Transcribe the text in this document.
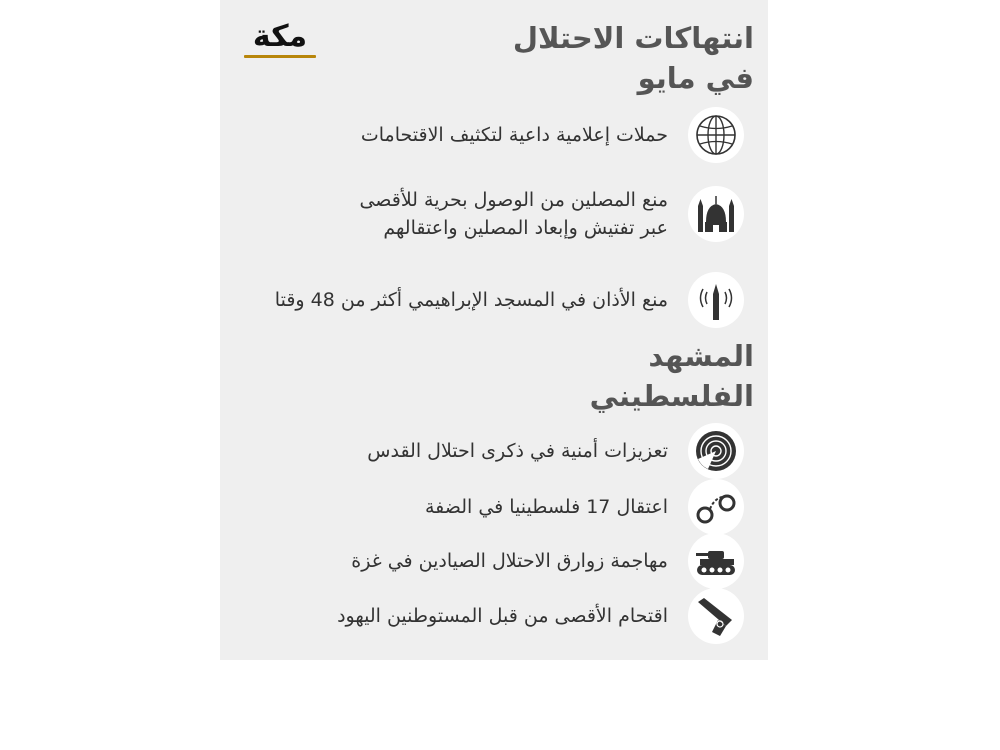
مكة	انتهاكات الاحتلال
في مايو
حملات إعلامية داعية لتكثيف الاقتحامات
منع المصلين من الوصول بحرية للأقصى
عبر تفتيش وإبعاد المصلين واعتقالهم
منع الأذان في المسجد الإبراهيمي أكثر من 48 وقتا
المشهد
الفلسطيني
تعزيزات أمنية في ذكرى احتلال القدس
اعتقال 17 فلسطينيا في الضفة
مهاجمة زوارق الاحتلال الصيادين في غزة
اقتحام الأقصى من قبل المستوطنين اليهود
